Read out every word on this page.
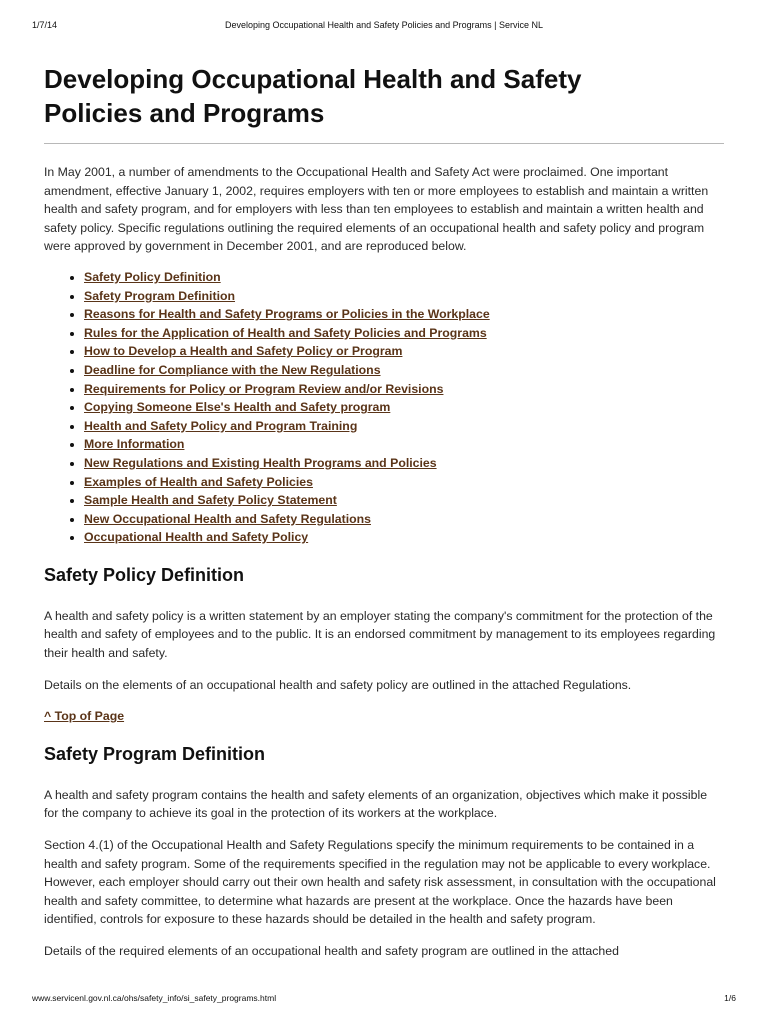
1/7/14	Developing Occupational Health and Safety Policies and Programs | Service NL
Developing Occupational Health and Safety Policies and Programs

In May 2001, a number of amendments to the Occupational Health and Safety Act were proclaimed. One important amendment, effective January 1, 2002, requires employers with ten or more employees to establish and maintain a written health and safety program, and for employers with less than ten employees to establish and maintain a written health and safety policy. Specific regulations outlining the required elements of an occupational health and safety policy and program were approved by government in December 2001, and are reproduced below.

• Safety Policy Definition
• Safety Program Definition
• Reasons for Health and Safety Programs or Policies in the Workplace
• Rules for the Application of Health and Safety Policies and Programs
• How to Develop a Health and Safety Policy or Program
• Deadline for Compliance with the New Regulations
• Requirements for Policy or Program Review and/or Revisions
• Copying Someone Else's Health and Safety program
• Health and Safety Policy and Program Training
• More Information
• New Regulations and Existing Health Programs and Policies
• Examples of Health and Safety Policies
• Sample Health and Safety Policy Statement
• New Occupational Health and Safety Regulations
• Occupational Health and Safety Policy
Safety Policy Definition

A health and safety policy is a written statement by an employer stating the company's commitment for the protection of the health and safety of employees and to the public. It is an endorsed commitment by management to its employees regarding their health and safety.

Details on the elements of an occupational health and safety policy are outlined in the attached Regulations.

^ Top of Page
Safety Program Definition

A health and safety program contains the health and safety elements of an organization, objectives which make it possible for the company to achieve its goal in the protection of its workers at the workplace.

Section 4.(1) of the Occupational Health and Safety Regulations specify the minimum requirements to be contained in a health and safety program. Some of the requirements specified in the regulation may not be applicable to every workplace. However, each employer should carry out their own health and safety risk assessment, in consultation with the occupational health and safety committee, to determine what hazards are present at the workplace. Once the hazards have been identified, controls for exposure to these hazards should be detailed in the health and safety program.

Details of the required elements of an occupational health and safety program are outlined in the attached

www.servicenl.gov.nl.ca/ohs/safety_info/si_safety_programs.html	1/6
